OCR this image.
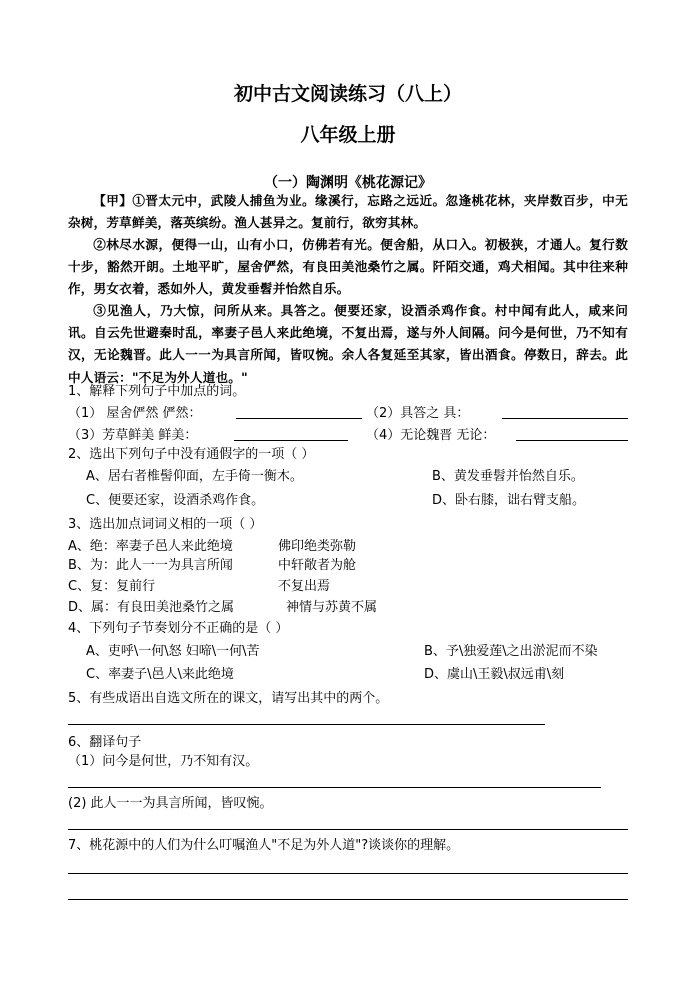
初中古文阅读练习（八上）
八年级上册
（一）陶渊明《桃花源记》

【甲】①晋太元中，武陵人捕鱼为业。缘溪行，忘路之远近。忽逢桃花林，夹岸数百步，中无杂树，芳草鲜美，落英缤纷。渔人甚异之。复前行，欲穷其林。

②林尽水源，便得一山，山有小口，仿佛若有光。便舍船，从口入。初极狭，才通人。复行数十步，豁然开朗。土地平旷，屋舍俨然，有良田美池桑竹之属。阡陌交通，鸡犬相闻。其中往来种作，男女衣着，悉如外人，黄发垂髫并怡然自乐。

③见渔人，乃大惊，问所从来。具答之。便要还家，设酒杀鸡作食。村中闻有此人，咸来问讯。自云先世避秦时乱，率妻子邑人来此绝境，不复出焉，遂与外人间隔。问今是何世，乃不知有汉，无论魏晋。此人一一为具言所闻，皆叹惋。余人各复延至其家，皆出酒食。停数日，辞去。此中人语云："不足为外人道也。"

1、解释下列句子中加点的词。
（1） 屋舍俨然 俨然：	（2）具答之 具：
（3）芳草鲜美 鲜美：	（4）无论魏晋 无论：
2、选出下列句子中没有通假字的一项（ ）
A、居右者椎髻仰面，左手倚一衡木。	B、黄发垂髫并怡然自乐。
C、便要还家，设酒杀鸡作食。	D、卧右膝，诎右臂支船。
3、选出加点词词义相的一项（ ）
A、绝：率妻子邑人来此绝境	佛印绝类弥勒
B、为：此人一一为具言所闻	中轩敞者为舱
C、复：复前行	不复出焉
D、属：有良田美池桑竹之属	神情与苏黄不属
4、下列句子节奏划分不正确的是（ ）
A、吏呼\一何\怒 妇啼\一何\苦	B、予\独爱莲\之出淤泥而不染
C、率妻子\邑人\来此绝境	D、虞山\王毅\叔远甫\刻
5、有些成语出自选文所在的课文，请写出其中的两个。
6、翻译句子
（1）问今是何世，乃不知有汉。
(2) 此人一一为具言所闻，皆叹惋。
7、桃花源中的人们为什么叮嘱渔人"不足为外人道"?谈谈你的理解。
